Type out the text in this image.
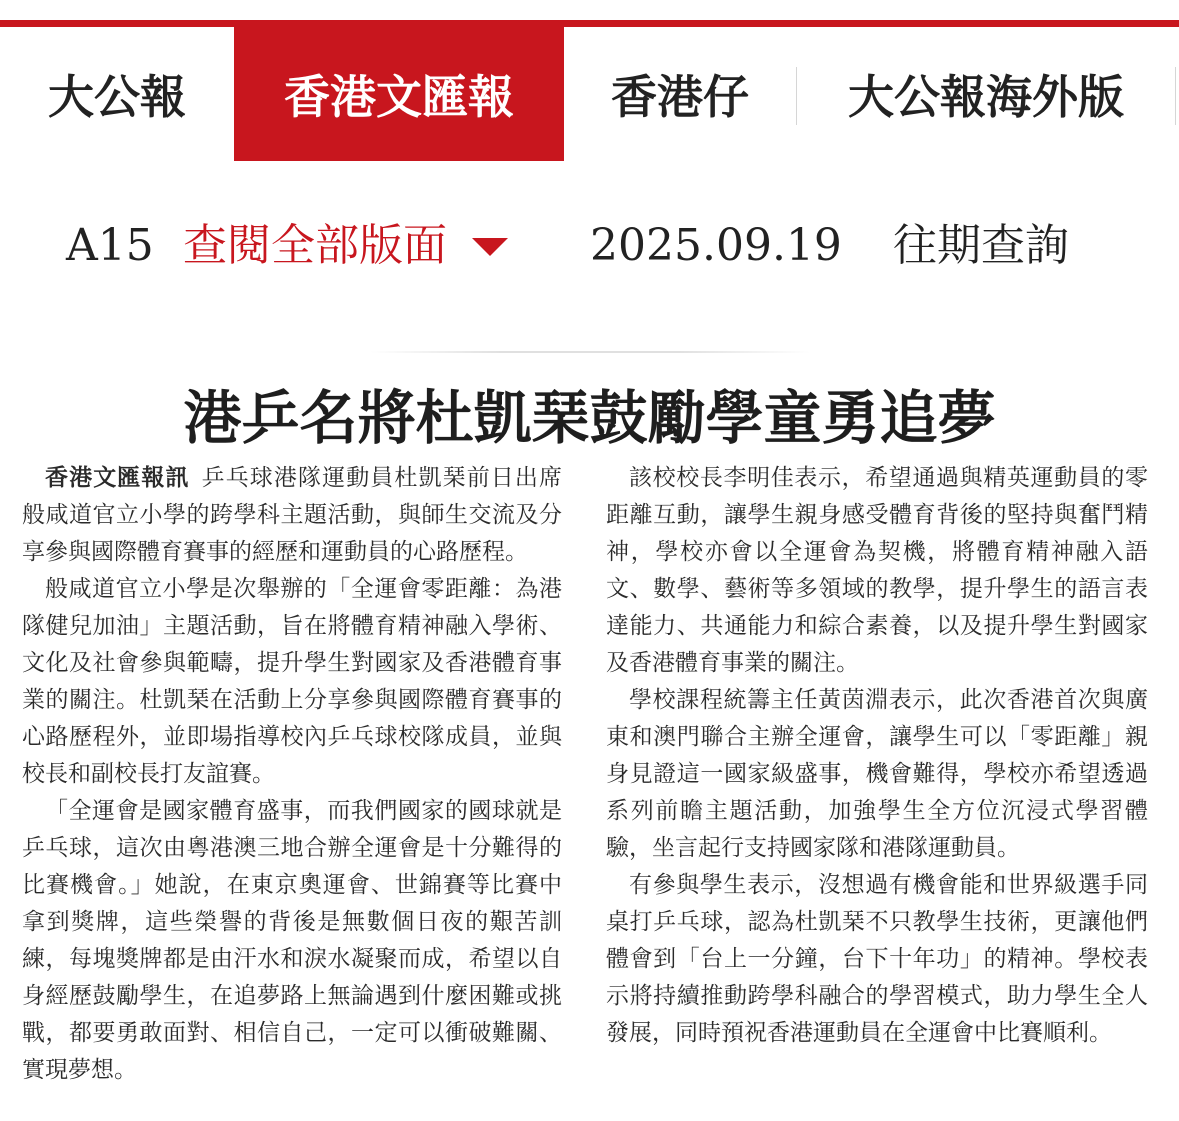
大公報	香港文匯報	香港仔	大公報海外版
A15 查閱全部版面	2025.09.19 往期查詢
港乒名將杜凱琹鼓勵學童勇追夢

香港文匯報訊 乒乓球港隊運動員杜凱琹前日出席般咸道官立小學的跨學科主題活動，與師生交流及分享參與國際體育賽事的經歷和運動員的心路歷程。

般咸道官立小學是次舉辦的「全運會零距離：為港隊健兒加油」主題活動，旨在將體育精神融入學術、文化及社會參與範疇，提升學生對國家及香港體育事業的關注。杜凱琹在活動上分享參與國際體育賽事的心路歷程外，並即場指導校內乒乓球校隊成員，並與校長和副校長打友誼賽。

「全運會是國家體育盛事，而我們國家的國球就是乒乓球，這次由粵港澳三地合辦全運會是十分難得的比賽機會。」她說，在東京奧運會、世錦賽等比賽中拿到獎牌，這些榮譽的背後是無數個日夜的艱苦訓練，每塊獎牌都是由汗水和淚水凝聚而成，希望以自身經歷鼓勵學生，在追夢路上無論遇到什麼困難或挑戰，都要勇敢面對、相信自己，一定可以衝破難關、實現夢想。

該校校長李明佳表示，希望通過與精英運動員的零距離互動，讓學生親身感受體育背後的堅持與奮鬥精神，學校亦會以全運會為契機，將體育精神融入語文、數學、藝術等多領域的教學，提升學生的語言表達能力、共通能力和綜合素養，以及提升學生對國家及香港體育事業的關注。

學校課程統籌主任黃茵淵表示，此次香港首次與廣東和澳門聯合主辦全運會，讓學生可以「零距離」親身見證這一國家級盛事，機會難得，學校亦希望透過系列前瞻主題活動，加強學生全方位沉浸式學習體驗，坐言起行支持國家隊和港隊運動員。

有參與學生表示，沒想過有機會能和世界級選手同桌打乒乓球，認為杜凱琹不只教學生技術，更讓他們體會到「台上一分鐘，台下十年功」的精神。學校表示將持續推動跨學科融合的學習模式，助力學生全人發展，同時預祝香港運動員在全運會中比賽順利。
